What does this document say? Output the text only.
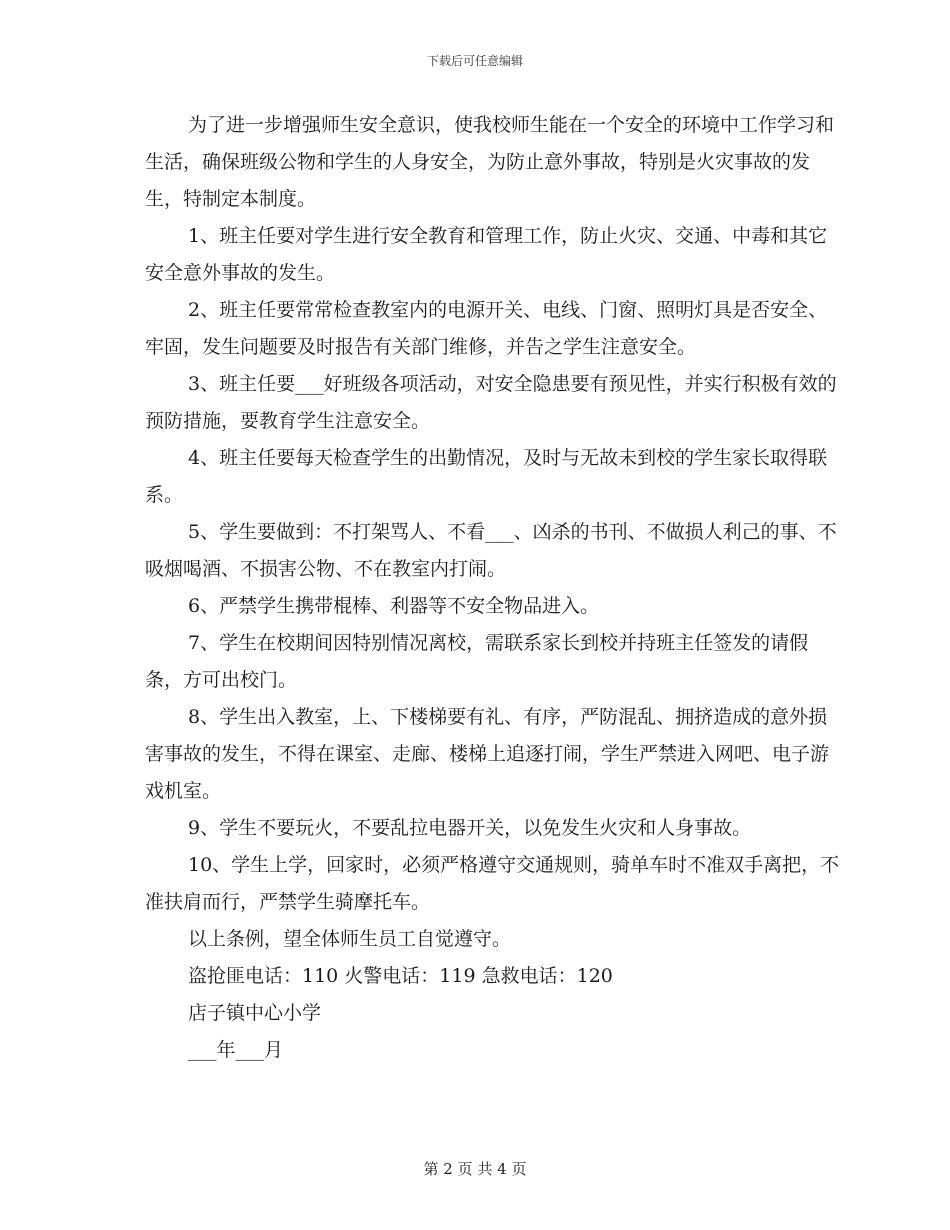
下载后可任意编辑

为了进一步增强师生安全意识，使我校师生能在一个安全的环境中工作学习和生活，确保班级公物和学生的人身安全，为防止意外事故，特别是火灾事故的发生，特制定本制度。

1、班主任要对学生进行安全教育和管理工作，防止火灾、交通、中毒和其它安全意外事故的发生。

2、班主任要常常检查教室内的电源开关、电线、门窗、照明灯具是否安全、牢固，发生问题要及时报告有关部门维修，并告之学生注意安全。

3、班主任要___好班级各项活动，对安全隐患要有预见性，并实行积极有效的预防措施，要教育学生注意安全。

4、班主任要每天检查学生的出勤情况，及时与无故未到校的学生家长取得联系。

5、学生要做到：不打架骂人、不看___、凶杀的书刊、不做损人利己的事、不吸烟喝酒、不损害公物、不在教室内打闹。

6、严禁学生携带棍棒、利器等不安全物品进入。

7、学生在校期间因特别情况离校，需联系家长到校并持班主任签发的请假条，方可出校门。

8、学生出入教室，上、下楼梯要有礼、有序，严防混乱、拥挤造成的意外损害事故的发生，不得在课室、走廊、楼梯上追逐打闹，学生严禁进入网吧、电子游戏机室。

9、学生不要玩火，不要乱拉电器开关，以免发生火灾和人身事故。

10、学生上学，回家时，必须严格遵守交通规则，骑单车时不准双手离把，不准扶肩而行，严禁学生骑摩托车。

以上条例，望全体师生员工自觉遵守。

盗抢匪电话：110 火警电话：119 急救电话：120

店子镇中心小学

___年___月

第 2 页 共 4 页
